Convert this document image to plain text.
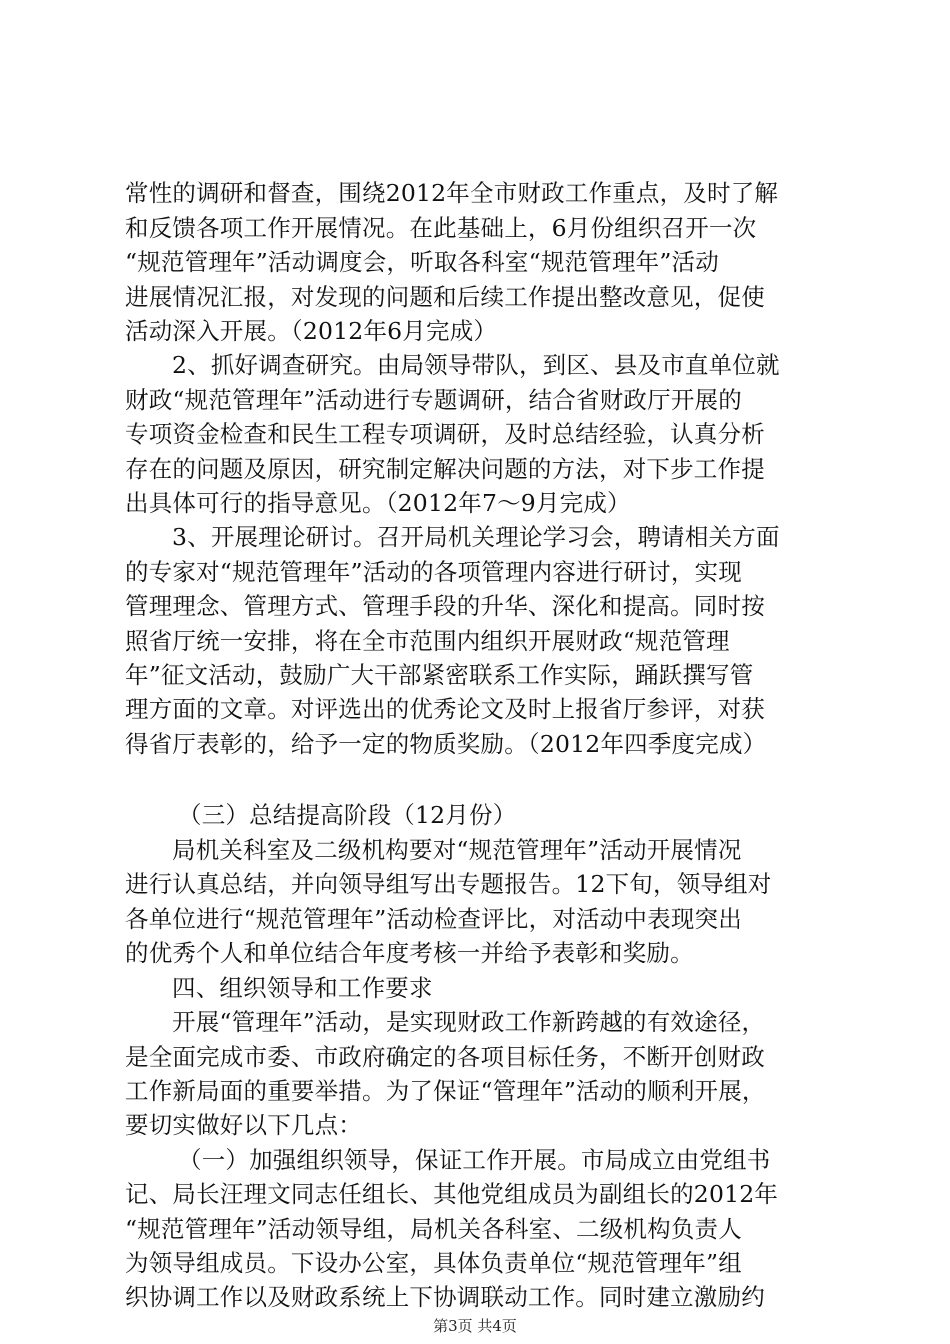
常性的调研和督查，围绕2012年全市财政工作重点，及时了解
和反馈各项工作开展情况。在此基础上，6月份组织召开一次
“规范管理年”活动调度会，听取各科室“规范管理年”活动
进展情况汇报，对发现的问题和后续工作提出整改意见，促使
活动深入开展。（2012年6月完成）
2、抓好调查研究。由局领导带队，到区、县及市直单位就
财政“规范管理年”活动进行专题调研，结合省财政厅开展的
专项资金检查和民生工程专项调研，及时总结经验，认真分析
存在的问题及原因，研究制定解决问题的方法，对下步工作提
出具体可行的指导意见。（2012年7～9月完成）
3、开展理论研讨。召开局机关理论学习会，聘请相关方面
的专家对“规范管理年”活动的各项管理内容进行研讨，实现
管理理念、管理方式、管理手段的升华、深化和提高。同时按
照省厅统一安排，将在全市范围内组织开展财政“规范管理
年”征文活动，鼓励广大干部紧密联系工作实际，踊跃撰写管
理方面的文章。对评选出的优秀论文及时上报省厅参评，对获
得省厅表彰的，给予一定的物质奖励。（2012年四季度完成）
（三）总结提高阶段（12月份）
局机关科室及二级机构要对“规范管理年”活动开展情况
进行认真总结，并向领导组写出专题报告。12下旬，领导组对
各单位进行“规范管理年”活动检查评比，对活动中表现突出
的优秀个人和单位结合年度考核一并给予表彰和奖励。
四、组织领导和工作要求
开展“管理年”活动，是实现财政工作新跨越的有效途径，
是全面完成市委、市政府确定的各项目标任务，不断开创财政
工作新局面的重要举措。为了保证“管理年”活动的顺利开展，
要切实做好以下几点：
（一）加强组织领导，保证工作开展。市局成立由党组书
记、局长汪理文同志任组长、其他党组成员为副组长的2012年
“规范管理年”活动领导组，局机关各科室、二级机构负责人
为领导组成员。下设办公室，具体负责单位“规范管理年”组
织协调工作以及财政系统上下协调联动工作。同时建立激励约
第3页 共4页
